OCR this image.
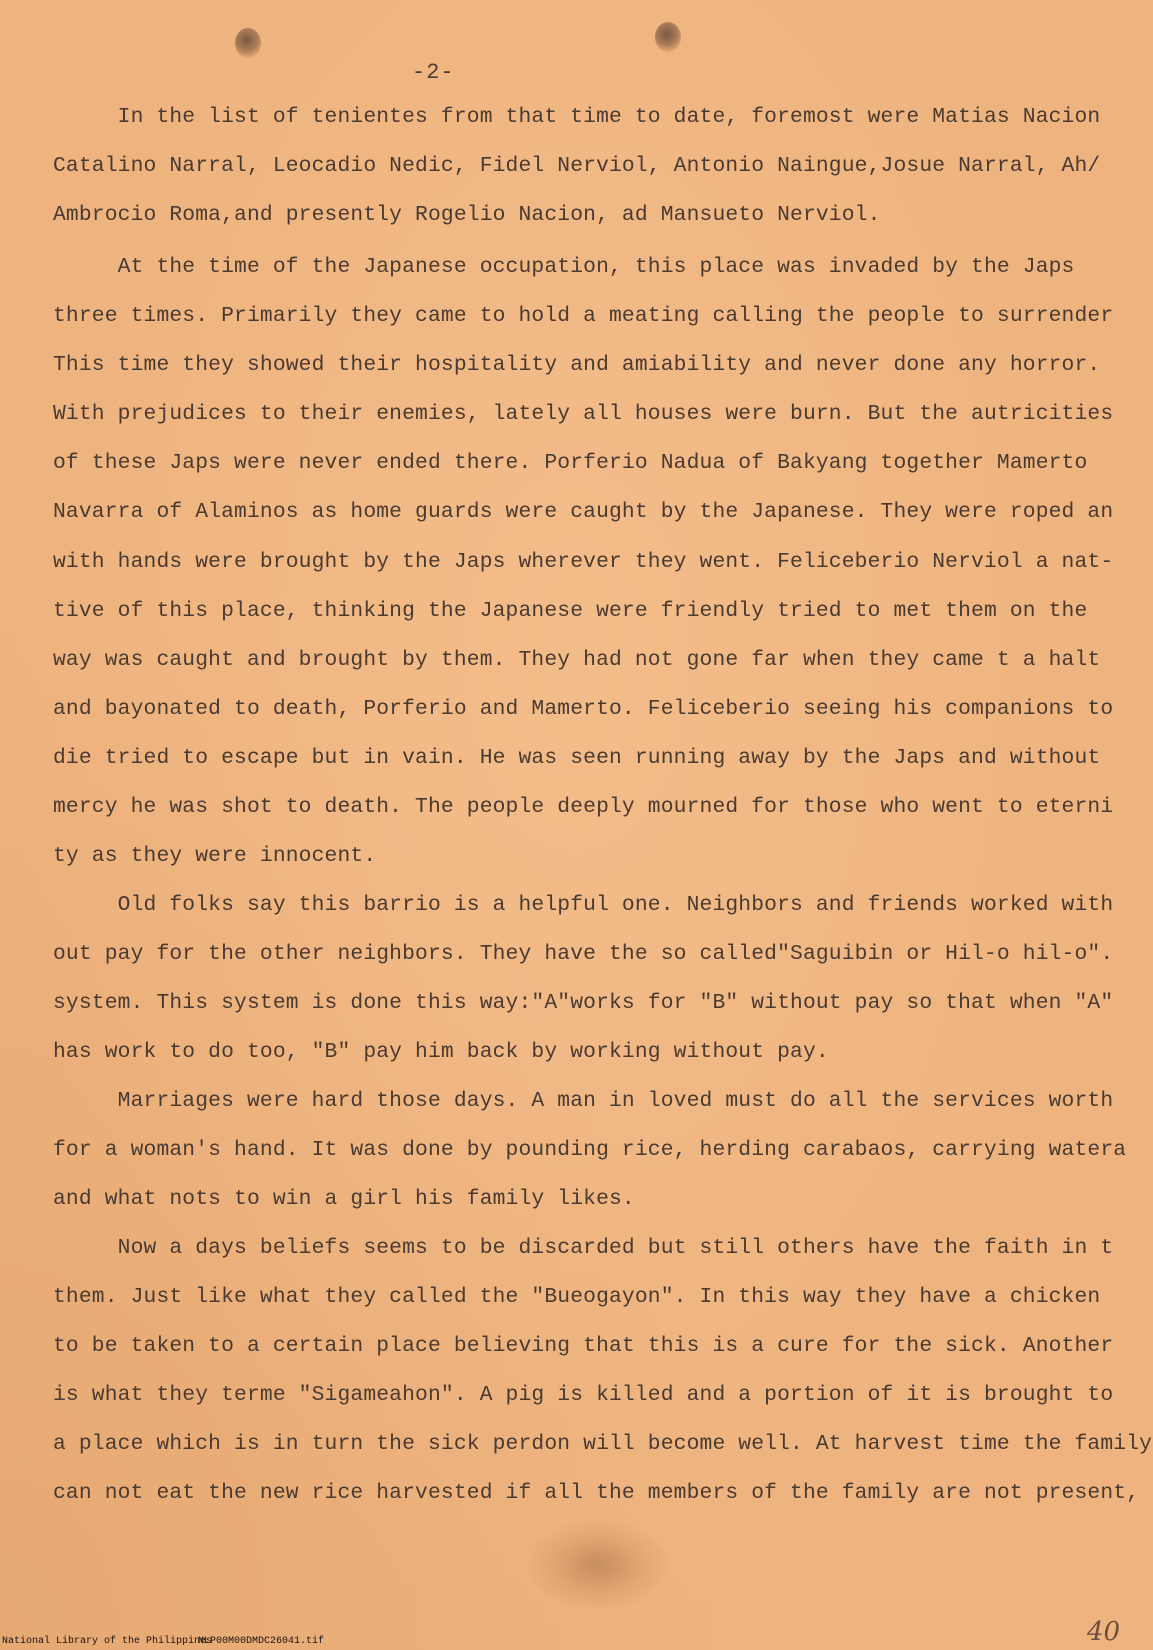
-2-
In the list of tenientes from that time to date, foremost were Matias Nacion
Catalino Narral, Leocadio Nedic, Fidel Nerviol, Antonio Naingue,Josue Narral, Ah/
Ambrocio Roma,and presently Rogelio Nacion, ad Mansueto Nerviol.
At the time of the Japanese occupation, this place was invaded by the Japs
three times. Primarily they came to hold a meating calling the people to surrender
This time they showed their hospitality and amiability and never done any horror.
With prejudices to their enemies, lately all houses were burn. But the autricities
of these Japs were never ended there. Porferio Nadua of Bakyang together Mamerto
Navarra of Alaminos as home guards were caught by the Japanese. They were roped an
with hands were brought by the Japs wherever they went. Feliceberio Nerviol a nat-
tive of this place, thinking the Japanese were friendly tried to met them on the
way was caught and brought by them. They had not gone far when they came t a halt
and bayonated to death, Porferio and Mamerto. Feliceberio seeing his companions to
die tried to escape but in vain. He was seen running away by the Japs and without
mercy he was shot to death. The people deeply mourned for those who went to eterni
ty as they were innocent.
Old folks say this barrio is a helpful one. Neighbors and friends worked with
out pay for the other neighbors. They have the so called"Saguibin or Hil-o hil-o".
system. This system is done this way:"A"works for "B" without pay so that when "A"
has work to do too, "B" pay him back by working without pay.
Marriages were hard those days. A man in loved must do all the services worth
for a woman's hand. It was done by pounding rice, herding carabaos, carrying watera
and what nots to win a girl his family likes.
Now a days beliefs seems to be discarded but still others have the faith in t
them. Just like what they called the "Bueogayon". In this way they have a chicken
to be taken to a certain place believing that this is a cure for the sick. Another
is what they terme "Sigameahon". A pig is killed and a portion of it is brought to
a place which is in turn the sick perdon will become well. At harvest time the family
can not eat the new rice harvested if all the members of the family are not present,
40
National Library of the Philippines
NLP00M00DMDC26041.tif
